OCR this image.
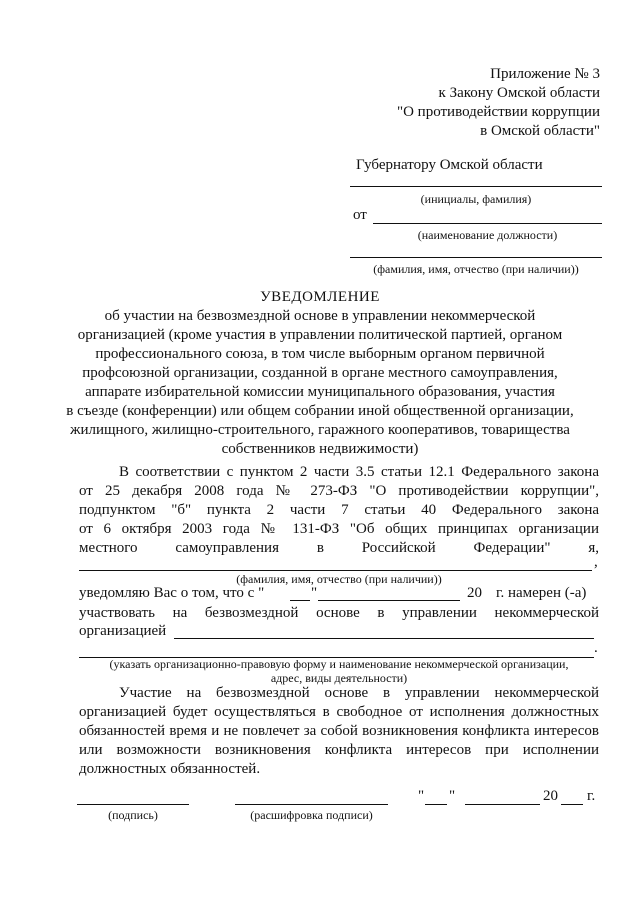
Приложение № 3
к Закону Омской области
"О противодействии коррупции
в Омской области"
Губернатору Омской области
(инициалы, фамилия)
от
(наименование должности)
(фамилия, имя, отчество (при наличии))
УВЕДОМЛЕНИЕ
об участии на безвозмездной основе в управлении некоммерческой
организацией (кроме участия в управлении политической партией, органом
профессионального союза, в том числе выборным органом первичной
профсоюзной организации, созданной в органе местного самоуправления,
аппарате избирательной комиссии муниципального образования, участия
в съезде (конференции) или общем собрании иной общественной организации,
жилищного, жилищно-строительного, гаражного кооперативов, товарищества
собственников недвижимости)
В соответствии с пунктом 2 части 3.5 статьи 12.1 Федерального закона
от 25 декабря 2008 года № 273-ФЗ "О противодействии коррупции",
подпунктом "б" пункта 2 части 7 статьи 40 Федерального закона
от 6 октября 2003 года № 131-ФЗ "Об общих принципах организации
местного самоуправления в Российской Федерации" я,
,
(фамилия, имя, отчество (при наличии))
уведомляю Вас о том, что с "	"	20 г. намерен (-а)
участвовать на безвозмездной основе в управлении некоммерческой
организацией
.
(указать организационно-правовую форму и наименование некоммерческой организации,
адрес, виды деятельности)
Участие на безвозмездной основе в управлении некоммерческой
организацией будет осуществляться в свободное от исполнения должностных
обязанностей время и не повлечет за собой возникновения конфликта интересов
или возможности возникновения конфликта интересов при исполнении
должностных обязанностей.
(подпись)	(расшифровка подписи)
" "	20 г.
